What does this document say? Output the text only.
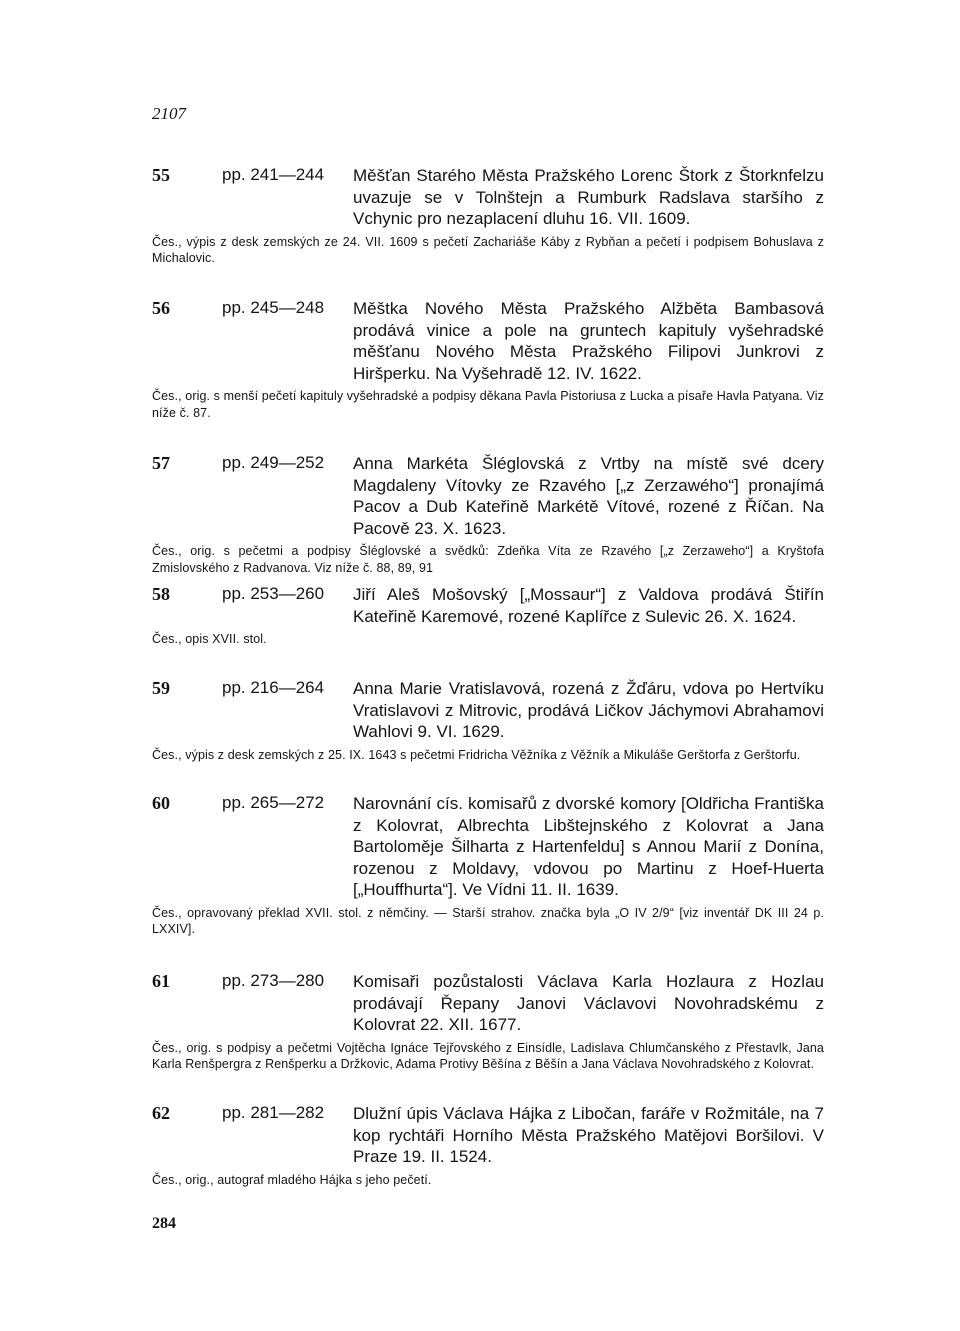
2107
55	pp. 241—244 Měšťan Starého Města Pražského Lorenc Štork z Štorknfelzu uvazuje se v Tolnštejn a Rumburk Radslava staršího z Vchynic pro nezaplacení dluhu 16. VII. 1609.
Čes., výpis z desk zemských ze 24. VII. 1609 s pečetí Zachariáše Káby z Rybňan a pečetí i podpisem Bohuslava z Michalovic.
56	pp. 245—248 Měštka Nového Města Pražského Alžběta Bambasová prodává vinice a pole na gruntech kapituly vyšehradské měšťanu Nového Města Pražského Filipovi Junkrovi z Hiršperku. Na Vyšehradě 12. IV. 1622.
Čes., orig. s menší pečetí kapituly vyšehradské a podpisy děkana Pavla Pistoriusa z Lucka a písaře Havla Patyana. Viz níže č. 87.
57	pp. 249—252 Anna Markéta Šléglovská z Vrtby na místě své dcery Magdaleny Vítovky ze Rzavého [„z Zerzawého“] pronajímá Pacov a Dub Kateřině Markétě Vítové, rozené z Říčan. Na Pacově 23. X. 1623.
Čes., orig. s pečetmi a podpisy Šléglovské a svědků: Zdeňka Víta ze Rzavého [„z Zerzaweho“] a Kryštofa Zmislovského z Radvanova. Viz níže č. 88, 89, 91
58	pp. 253—260 Jiří Aleš Mošovský [„Mossaur“] z Valdova prodává Štiřín Kateřině Karemové, rozené Kaplířce z Sulevic 26. X. 1624.
Čes., opis XVII. stol.
59	pp. 216—264 Anna Marie Vratislavová, rozená z Žďáru, vdova po Hertvíku Vratislavovi z Mitrovic, prodává Ličkov Jáchymovi Abrahamovi Wahlovi 9. VI. 1629.
Čes., výpis z desk zemských z 25. IX. 1643 s pečetmi Fridricha Věžníka z Věžník a Mikuláše Gerštorfa z Gerštorfu.
60	pp. 265—272 Narovnání cís. komisařů z dvorské komory [Oldřicha Františka z Kolovrat, Albrechta Libštejnského z Kolovrat a Jana Bartoloměje Šilharta z Hartenfeldu] s Annou Marií z Donína, rozenou z Moldavy, vdovou po Martinu z Hoef-Huerta [„Houffhurta“]. Ve Vídni 11. II. 1639.
Čes., opravovaný překlad XVII. stol. z němčiny. — Starší strahov. značka byla „O IV 2/9“ [viz inventář DK III 24 p. LXXIV].
61	pp. 273—280 Komisaři pozůstalosti Václava Karla Hozlaura z Hozlau prodávají Řepany Janovi Václavovi Novohradskému z Kolovrat 22. XII. 1677.
Čes., orig. s podpisy a pečetmi Vojtěcha Ignáce Tejřovského z Einsídle, Ladislava Chlumčanského z Přestavlk, Jana Karla Renšpergra z Renšperku a Držkovic, Adama Protivy Běšína z Běšín a Jana Václava Novohradského z Kolovrat.
62	pp. 281—282 Dlužní úpis Václava Hájka z Libočan, faráře v Rožmitále, na 7 kop rychtáři Horního Města Pražského Matějovi Boršilovi. V Praze 19. II. 1524.
Čes., orig., autograf mladého Hájka s jeho pečetí.
284
